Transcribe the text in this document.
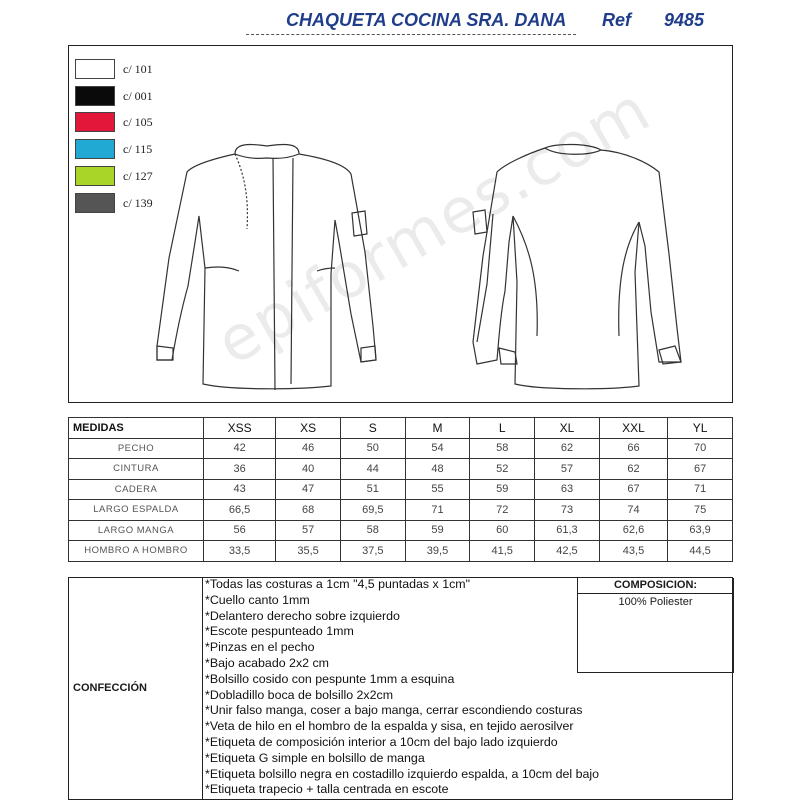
CHAQUETA COCINA SRA. DANA Ref 9485
c/ 101
c/ 001
c/ 105
c/ 115
c/ 127
c/ 139 epiformes.com
MEDIDAS	XSS	XS	S	M	L	XL	XXL	YL
PECHO	42	46	50	54	58	62	66	70
CINTURA	36	40	44	48	52	57	62	67
CADERA	43	47	51	55	59	63	67	71
LARGO ESPALDA	66,5	68	69,5	71	72	73	74	75
LARGO MANGA	56	57	58	59	60	61,3	62,6	63,9
HOMBRO A HOMBRO	33,5	35,5	37,5	39,5	41,5	42,5	43,5	44,5
CONFECCIÓN
*Todas las costuras a 1cm "4,5 puntadas x 1cm"
*Cuello canto 1mm
*Delantero derecho sobre izquierdo
*Escote pespunteado 1mm
*Pinzas en el pecho
*Bajo acabado 2x2 cm
*Bolsillo cosido con pespunte 1mm a esquina
*Dobladillo boca de bolsillo 2x2cm
*Unir falso manga, coser a bajo manga, cerrar escondiendo costuras
*Veta de hilo en el hombro de la espalda y sisa, en tejido aerosilver
*Etiqueta de composición interior a 10cm del bajo lado izquierdo
*Etiqueta G simple en bolsillo de manga
*Etiqueta bolsillo negra en costadillo izquierdo espalda, a 10cm del bajo
*Etiqueta trapecio + talla centrada en escote
COMPOSICION:
100% Poliester
